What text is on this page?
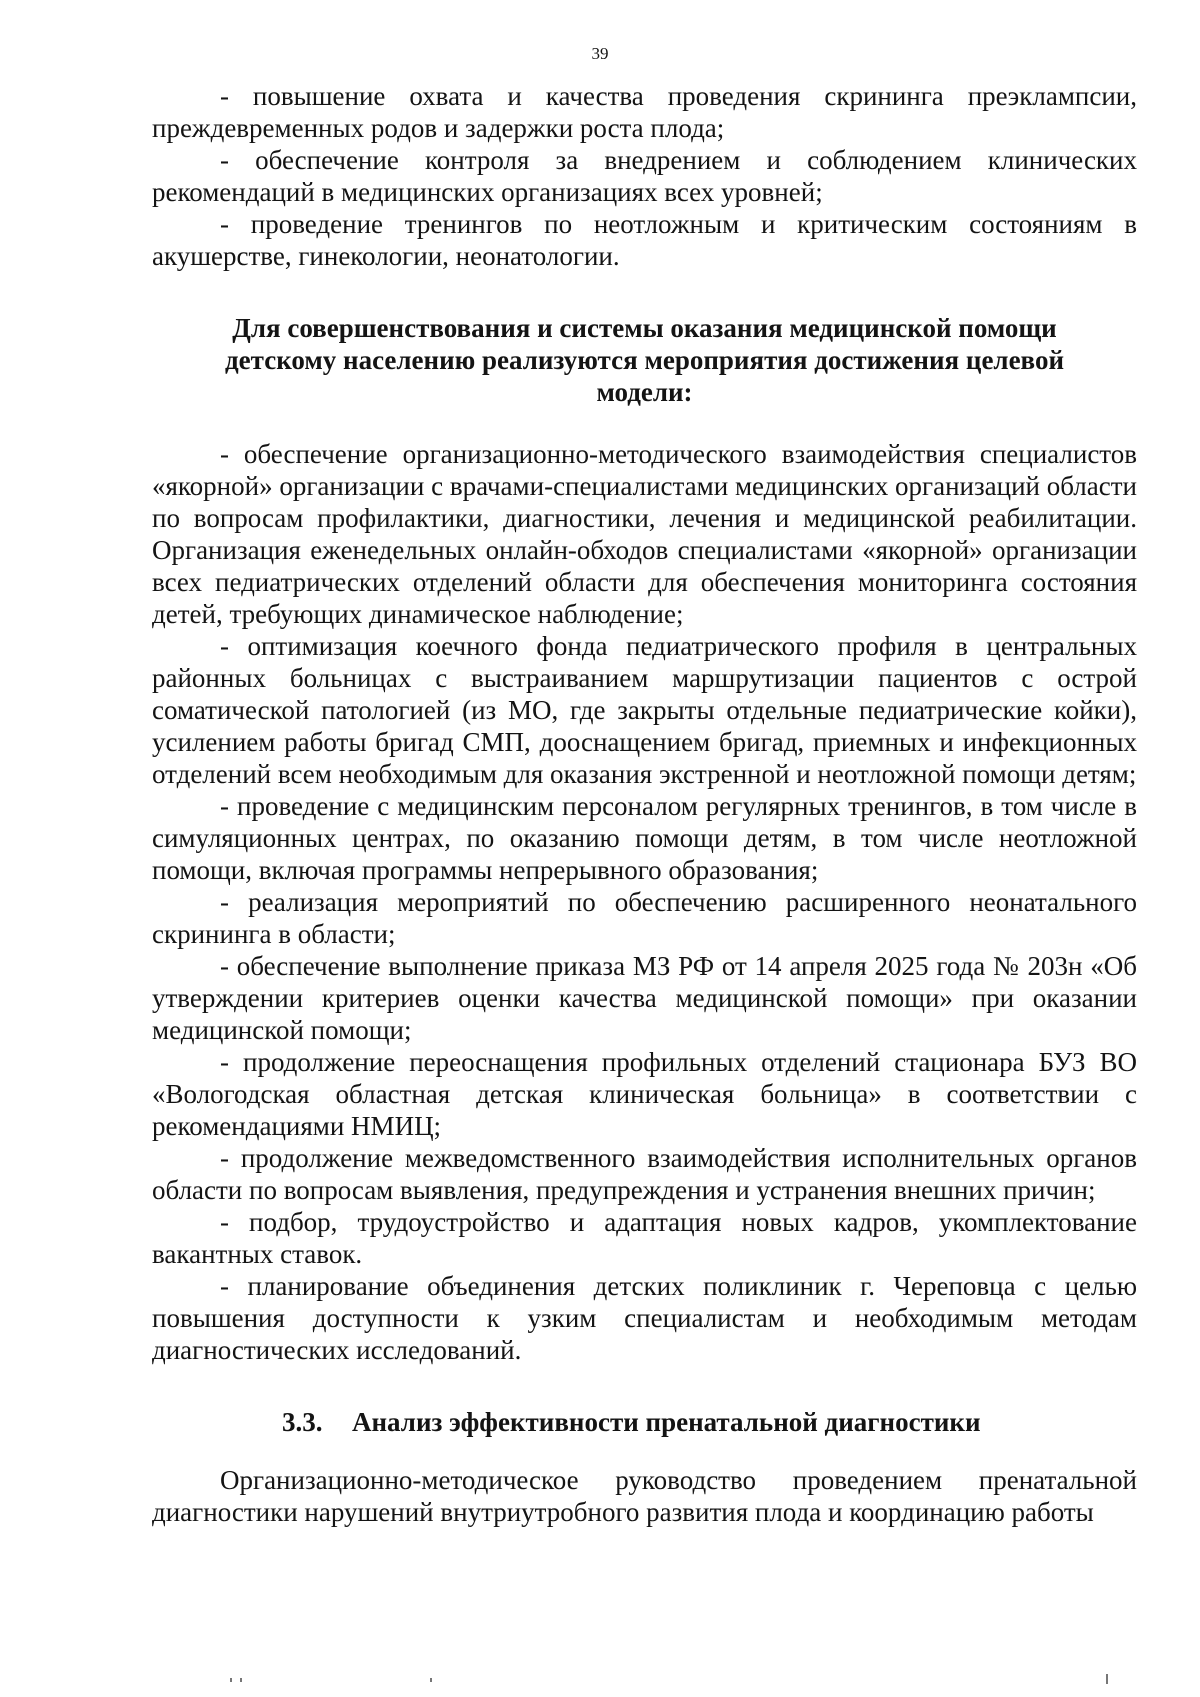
39

- повышение охвата и качества проведения скрининга преэклампсии, преждевременных родов и задержки роста плода;

- обеспечение контроля за внедрением и соблюдением клинических рекомендаций в медицинских организациях всех уровней;

- проведение тренингов по неотложным и критическим состояниям в акушерстве, гинекологии, неонатологии.

Для совершенствования и системы оказания медицинской помощи детскому населению реализуются мероприятия достижения целевой модели:

- обеспечение организационно-методического взаимодействия специалистов «якорной» организации с врачами-специалистами медицинских организаций области по вопросам профилактики, диагностики, лечения и медицинской реабилитации. Организация еженедельных онлайн-обходов специалистами «якорной» организации всех педиатрических отделений области для обеспечения мониторинга состояния детей, требующих динамическое наблюдение;

- оптимизация коечного фонда педиатрического профиля в центральных районных больницах с выстраиванием маршрутизации пациентов с острой соматической патологией (из МО, где закрыты отдельные педиатрические койки), усилением работы бригад СМП, дооснащением бригад, приемных и инфекционных отделений всем необходимым для оказания экстренной и неотложной помощи детям;

- проведение с медицинским персоналом регулярных тренингов, в том числе в симуляционных центрах, по оказанию помощи детям, в том числе неотложной помощи, включая программы непрерывного образования;

- реализация мероприятий по обеспечению расширенного неонатального скрининга в области;

- обеспечение выполнение приказа МЗ РФ от 14 апреля 2025 года № 203н «Об утверждении критериев оценки качества медицинской помощи» при оказании медицинской помощи;

- продолжение переоснащения профильных отделений стационара БУЗ ВО «Вологодская областная детская клиническая больница» в соответствии с рекомендациями НМИЦ;

- продолжение межведомственного взаимодействия исполнительных органов области по вопросам выявления, предупреждения и устранения внешних причин;

- подбор, трудоустройство и адаптация новых кадров, укомплектование вакантных ставок.

- планирование объединения детских поликлиник г. Череповца с целью повышения доступности к узким специалистам и необходимым методам диагностических исследований.

3.3. Анализ эффективности пренатальной диагностики

Организационно-методическое руководство проведением пренатальной диагностики нарушений внутриутробного развития плода и координацию работы
